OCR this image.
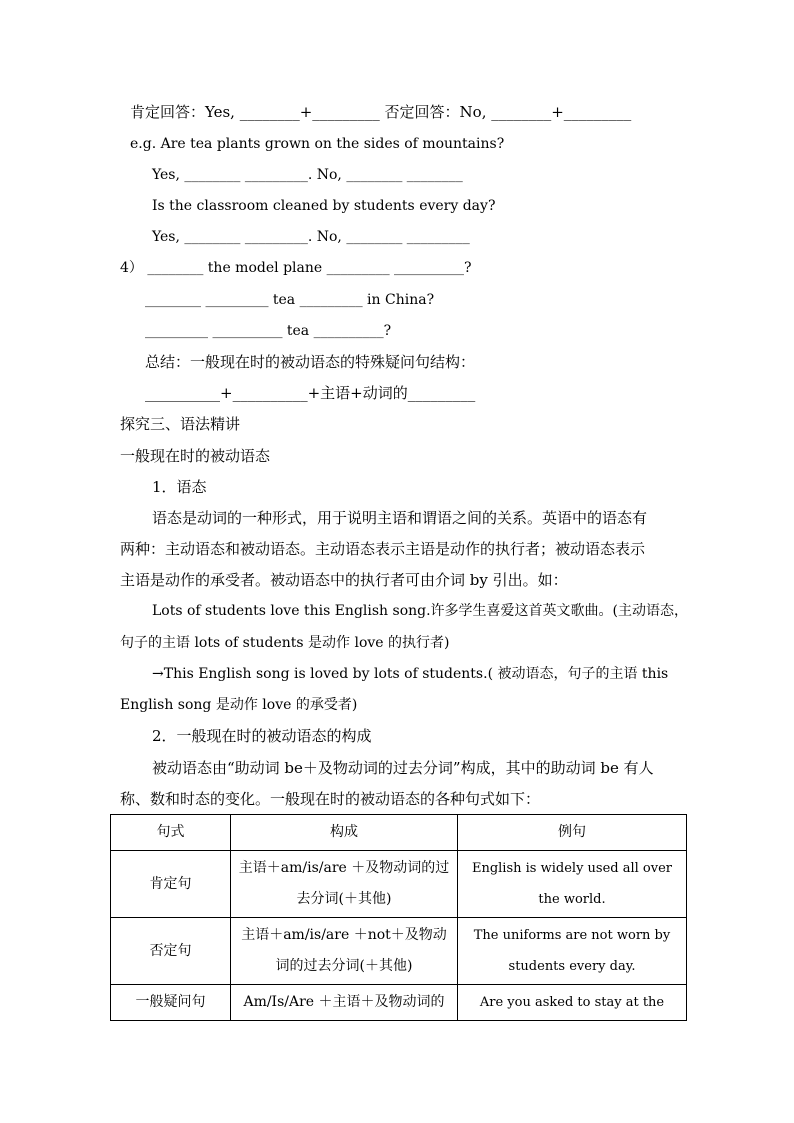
肯定回答：Yes, ________+_________ 否定回答：No, ________+_________
e.g. Are tea plants grown on the sides of mountains?
Yes, ________ _________. No, ________ ________
Is the classroom cleaned by students every day?
Yes, ________ _________. No, ________ _________
4） ________ the model plane _________ __________?
________ _________ tea _________ in China?
_________ __________ tea __________?
总结：一般现在时的被动语态的特殊疑问句结构：
__________+__________+主语+动词的_________
探究三、语法精讲
一般现在时的被动语态
1．语态
语态是动词的一种形式，用于说明主语和谓语之间的关系。英语中的语态有
两种：主动语态和被动语态。主动语态表示主语是动作的执行者；被动语态表示
主语是动作的承受者。被动语态中的执行者可由介词 by 引出。如：
Lots of students love this English song.许多学生喜爱这首英文歌曲。(主动语态，
句子的主语 lots of students 是动作 love 的执行者)
→This English song is loved by lots of students.( 被动语态，句子的主语 this
English song 是动作 love 的承受者)
2．一般现在时的被动语态的构成
被动语态由“助动词 be＋及物动词的过去分词”构成，其中的助动词 be 有人
称、数和时态的变化。一般现在时的被动语态的各种句式如下：
句式	构成	例句
肯定句	主语＋am/is/are ＋及物动词的过去分词(＋其他)	English is widely used all over the world.
否定句	主语＋am/is/are ＋not＋及物动词的过去分词(＋其他)	The uniforms are not worn by students every day.
一般疑问句	Am/Is/Are ＋主语＋及物动词的	Are you asked to stay at the
